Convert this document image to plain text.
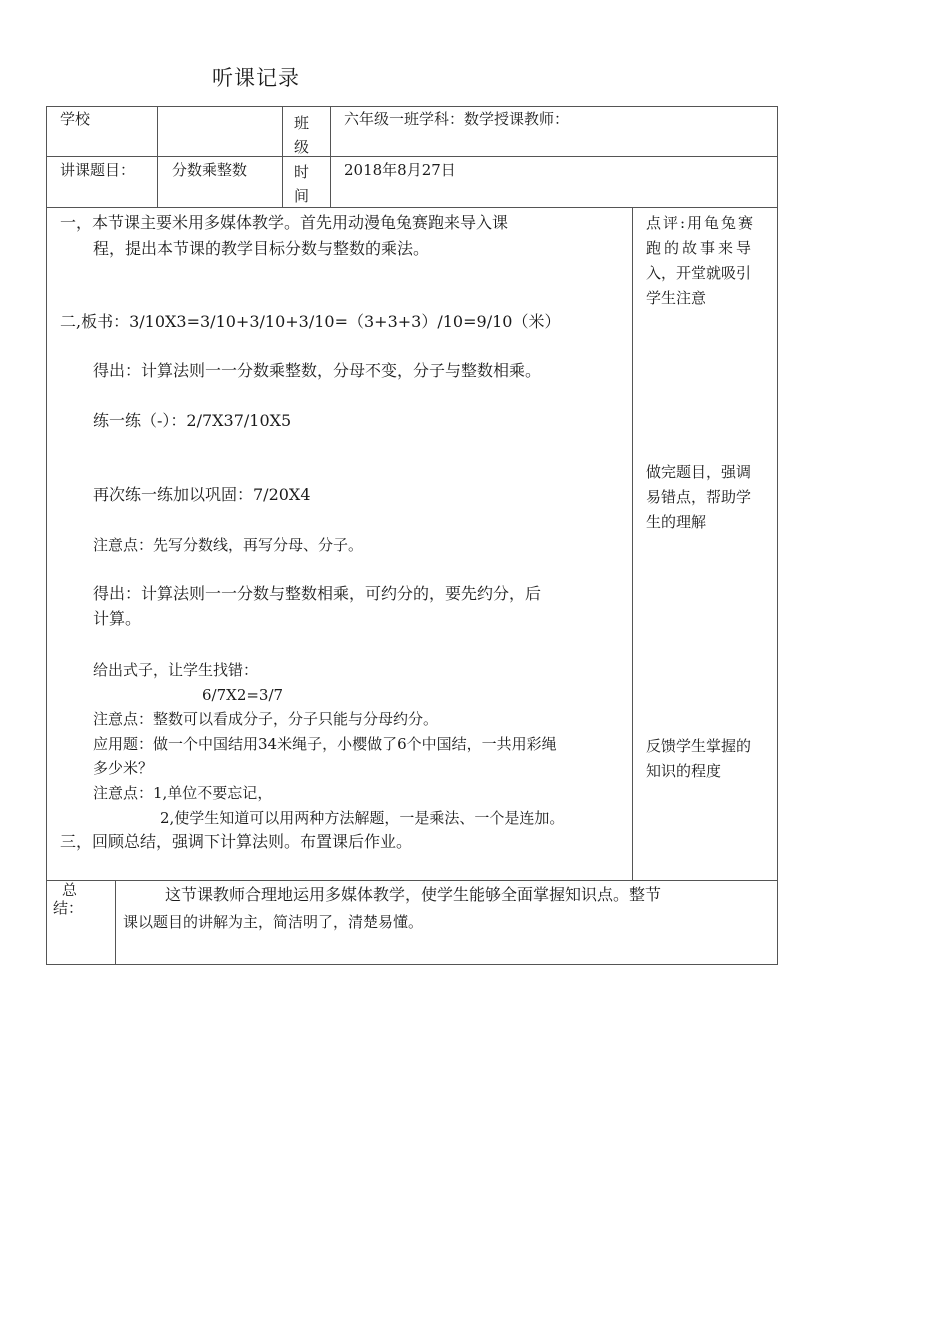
听课记录
学校	班
级
六年级一班学科：数学授课教师：
讲课题目： 分数乘整数	时
间
2018年8月27日
一，本节课主要米用多媒体教学。首先用动漫龟兔赛跑来导入课
程，提出本节课的教学目标分数与整数的乘法。
二,板书：3/10X3=3/10+3/10+3/10=（3+3+3）/10=9/10（米）
得出：计算法则一一分数乘整数，分母不变，分子与整数相乘。
练一练（-）：2/7X37/10X5
再次练一练加以巩固：7/20X4
注意点：先写分数线，再写分母、分子。
得出：计算法则一一分数与整数相乘，可约分的，要先约分，后
计算。
给出式子，让学生找错：
6/7X2=3/7
注意点：整数可以看成分子，分子只能与分母约分。
应用题：做一个中国结用34米绳子，小樱做了6个中国结，一共用彩绳
多少米？
注意点：1,单位不要忘记，
2,使学生知道可以用两种方法解题，一是乘法、一个是连加。
三，回顾总结，强调下计算法则。布置课后作业。
点评:用龟兔赛
跑的故事来导
入，开堂就吸引
学生注意
做完题目，强调
易错点，帮助学
生的理解
反馈学生掌握的
知识的程度
总
结：
这节课教师合理地运用多媒体教学，使学生能够全面掌握知识点。整节
课以题目的讲解为主，简洁明了，清楚易懂。
